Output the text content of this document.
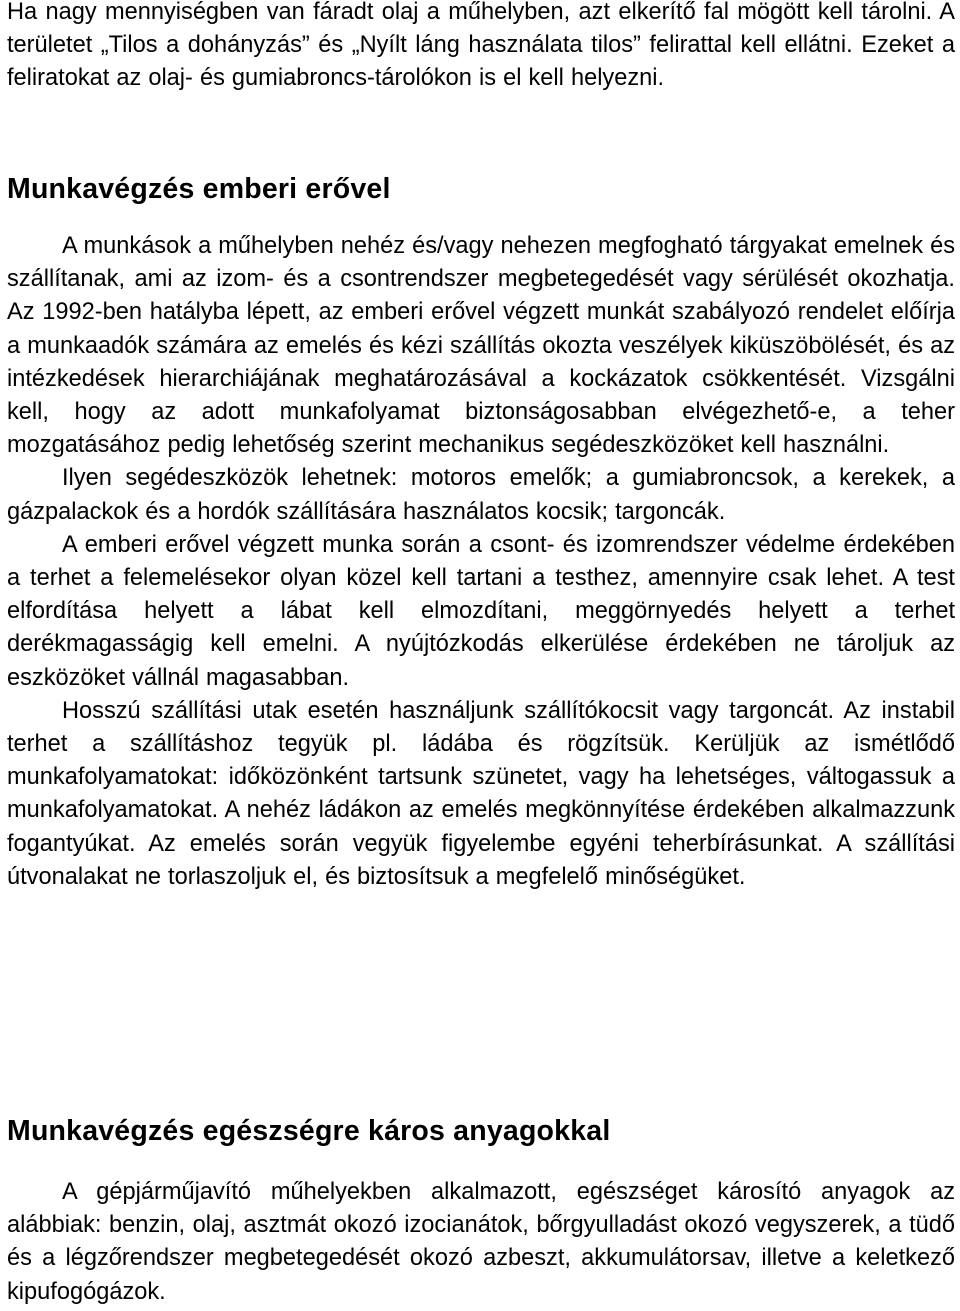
Ha nagy mennyiségben van fáradt olaj a műhelyben, azt elkerítő fal mögött kell tárolni. A területet „Tilos a dohányzás” és „Nyílt láng használata tilos” felirattal kell ellátni. Ezeket a feliratokat az olaj- és gumiabroncs-tárolókon is el kell helyezni.

Munkavégzés emberi erővel

A munkások a műhelyben nehéz és/vagy nehezen megfogható tárgyakat emelnek és szállítanak, ami az izom- és a csontrendszer megbetegedését vagy sérülését okozhatja. Az 1992-ben hatályba lépett, az emberi erővel végzett munkát szabályozó rendelet előírja a munkaadók számára az emelés és kézi szállítás okozta veszélyek kiküszöbölését, és az intézkedések hierarchiájának meghatározásával a kockázatok csökkentését. Vizsgálni kell, hogy az adott munkafolyamat biztonságosabban elvégezhető-e, a teher mozgatásához pedig lehetőség szerint mechanikus segédeszközöket kell használni.

Ilyen segédeszközök lehetnek: motoros emelők; a gumiabroncsok, a kerekek, a gázpalackok és a hordók szállítására használatos kocsik; targoncák.

A emberi erővel végzett munka során a csont- és izomrendszer védelme érdekében a terhet a felemelésekor olyan közel kell tartani a testhez, amennyire csak lehet. A test elfordítása helyett a lábat kell elmozdítani, meggörnyedés helyett a terhet derékmagasságig kell emelni. A nyújtózkodás elkerülése érdekében ne tároljuk az eszközöket vállnál magasabban.

Hosszú szállítási utak esetén használjunk szállítókocsit vagy targoncát. Az instabil terhet a szállításhoz tegyük pl. ládába és rögzítsük. Kerüljük az ismétlődő munkafolyamatokat: időközönként tartsunk szünetet, vagy ha lehetséges, váltogassuk a munkafolyamatokat. A nehéz ládákon az emelés megkönnyítése érdekében alkalmazzunk fogantyúkat. Az emelés során vegyük figyelembe egyéni teherbírásunkat. A szállítási útvonalakat ne torlaszoljuk el, és biztosítsuk a megfelelő minőségüket.

Munkavégzés egészségre káros anyagokkal

A gépjárműjavító műhelyekben alkalmazott, egészséget károsító anyagok az alábbiak: benzin, olaj, asztmát okozó izocianátok, bőrgyulladást okozó vegyszerek, a tüdő és a légzőrendszer megbetegedését okozó azbeszt, akkumulátorsav, illetve a keletkező kipufogógázok.
